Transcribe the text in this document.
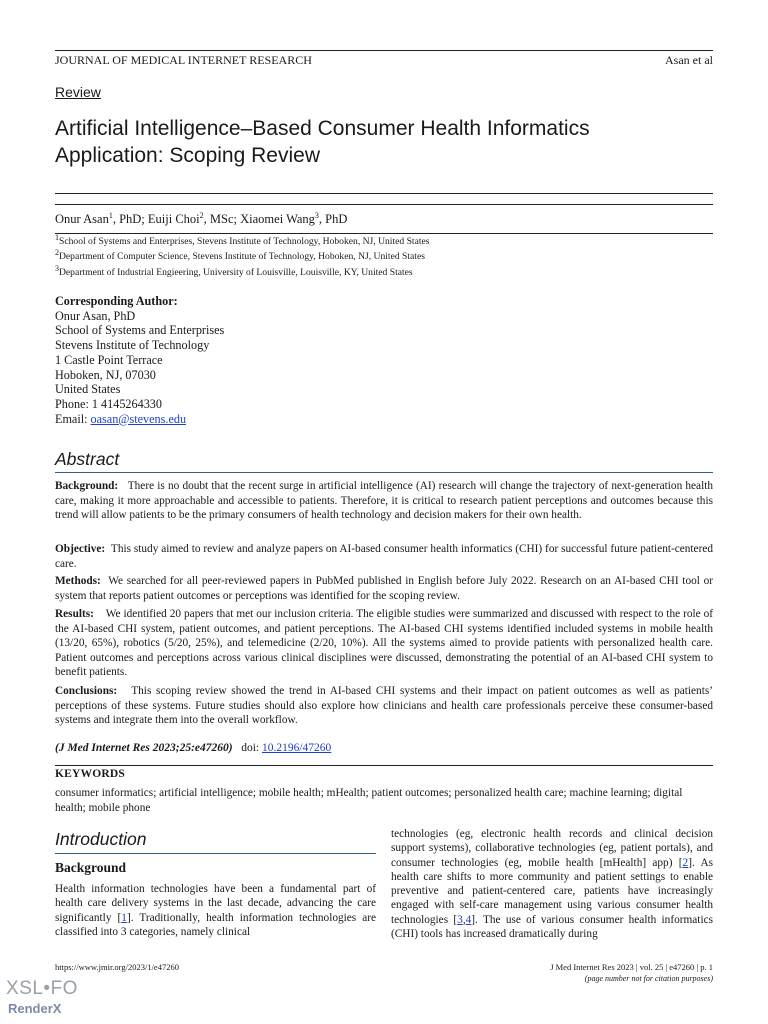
JOURNAL OF MEDICAL INTERNET RESEARCH	Asan et al
Review
Artificial Intelligence–Based Consumer Health Informatics
Application: Scoping Review
Onur Asan$^1$, PhD; Euiji Choi$^2$, MSc; Xiaomei Wang$^3$, PhD
$^1$School of Systems and Enterprises, Stevens Institute of Technology, Hoboken, NJ, United States
$^2$Department of Computer Science, Stevens Institute of Technology, Hoboken, NJ, United States
$^3$Department of Industrial Engieering, University of Louisville, Louisville, KY, United States
Corresponding Author:
Onur Asan, PhD
School of Systems and Enterprises
Stevens Institute of Technology
1 Castle Point Terrace
Hoboken, NJ, 07030
United States
Phone: 1 4145264330
Email: oasan@stevens.edu
Abstract
Background: There is no doubt that the recent surge in artificial intelligence (AI) research will change the trajectory of next-generation health care, making it more approachable and accessible to patients. Therefore, it is critical to research patient perceptions and outcomes because this trend will allow patients to be the primary consumers of health technology and decision makers for their own health.
Objective: This study aimed to review and analyze papers on AI-based consumer health informatics (CHI) for successful future patient-centered care.
Methods: We searched for all peer-reviewed papers in PubMed published in English before July 2022. Research on an AI-based CHI tool or system that reports patient outcomes or perceptions was identified for the scoping review.
Results: We identified 20 papers that met our inclusion criteria. The eligible studies were summarized and discussed with respect to the role of the AI-based CHI system, patient outcomes, and patient perceptions. The AI-based CHI systems identified included systems in mobile health (13/20, 65%), robotics (5/20, 25%), and telemedicine (2/20, 10%). All the systems aimed to provide patients with personalized health care. Patient outcomes and perceptions across various clinical disciplines were discussed, demonstrating the potential of an AI-based CHI system to benefit patients.
Conclusions: This scoping review showed the trend in AI-based CHI systems and their impact on patient outcomes as well as patients’ perceptions of these systems. Future studies should also explore how clinicians and health care professionals perceive these consumer-based systems and integrate them into the overall workflow.
(J Med Internet Res 2023;25:e47260) doi: 10.2196/47260
KEYWORDS
consumer informatics; artificial intelligence; mobile health; mHealth; patient outcomes; personalized health care; machine learning; digital health; mobile phone
Introduction
Background
Health information technologies have been a fundamental part of health care delivery systems in the last decade, advancing the care significantly [1]. Traditionally, health information technologies are classified into 3 categories, namely clinical
technologies (eg, electronic health records and clinical decision support systems), collaborative technologies (eg, patient portals), and consumer technologies (eg, mobile health [mHealth] app) [2]. As health care shifts to more community and patient settings to enable preventive and patient-centered care, patients have increasingly engaged with self-care management using various consumer health technologies [3,4]. The use of various consumer health informatics (CHI) tools has increased dramatically during
https://www.jmir.org/2023/1/e47260	J Med Internet Res 2023 | vol. 25 | e47260 | p. 1
(page number not for citation purposes)
XSL•FO
RenderX
